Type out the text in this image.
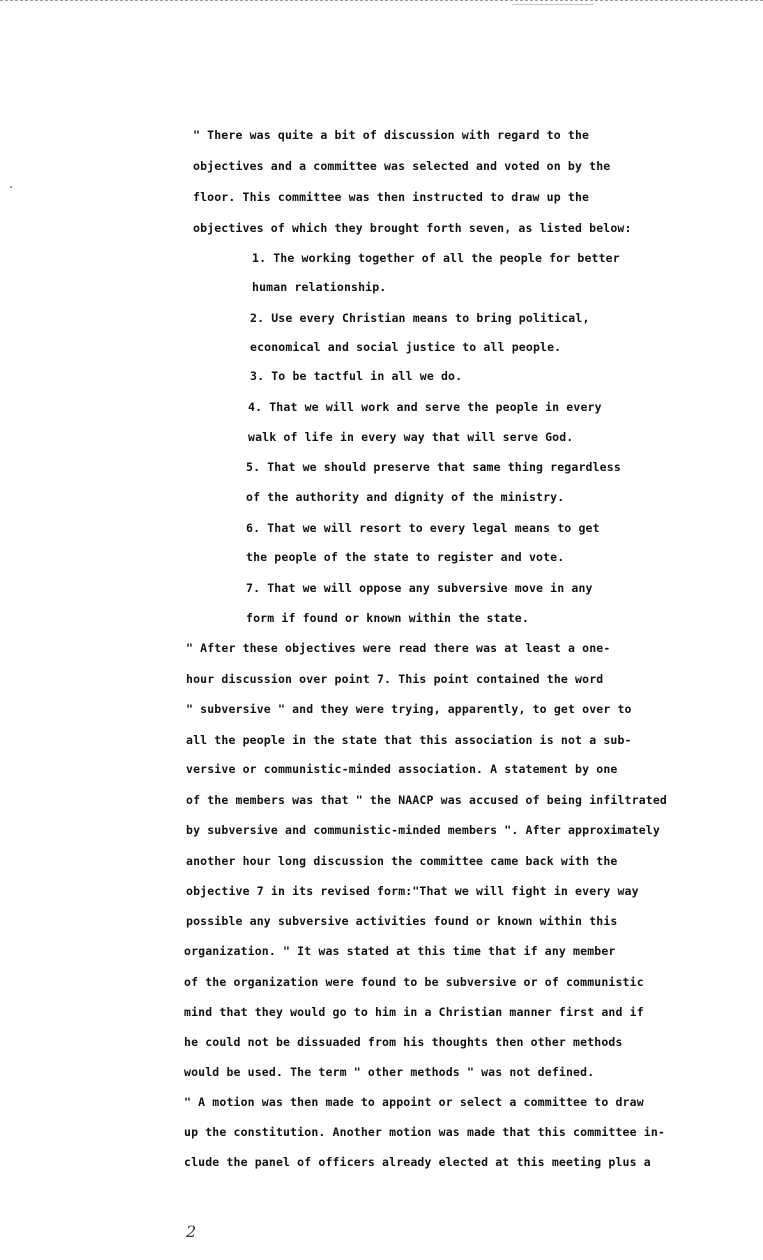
" There was quite a bit of discussion with regard to the

objectives and a committee was selected and voted on by the

floor. This committee was then instructed to draw up the

objectives of which they brought forth seven, as listed below:

1. The working together of all the people for better

human relationship.

2. Use every Christian means to bring political,

economical and social justice to all people.

3. To be tactful in all we do.

4. That we will work and serve the people in every

walk of life in every way that will serve God.

5. That we should preserve that same thing regardless

of the authority and dignity of the ministry.

6. That we will resort to every legal means to get

the people of the state to register and vote.

7. That we will oppose any subversive move in any

form if found or known within the state.

" After these objectives were read there was at least a one-

hour discussion over point 7. This point contained the word

" subversive " and they were trying, apparently, to get over to

all the people in the state that this association is not a sub-

versive or communistic-minded association. A statement by one

of the members was that " the NAACP was accused of being infiltrated

by subversive and communistic-minded members ". After approximately

another hour long discussion the committee came back with the

objective 7 in its revised form:"That we will fight in every way

possible any subversive activities found or known within this

organization. " It was stated at this time that if any member

of the organization were found to be subversive or of communistic

mind that they would go to him in a Christian manner first and if

he could not be dissuaded from his thoughts then other methods

would be used. The term " other methods " was not defined.

" A motion was then made to appoint or select a committee to draw

up the constitution. Another motion was made that this committee in-

clude the panel of officers already elected at this meeting plus a

2
